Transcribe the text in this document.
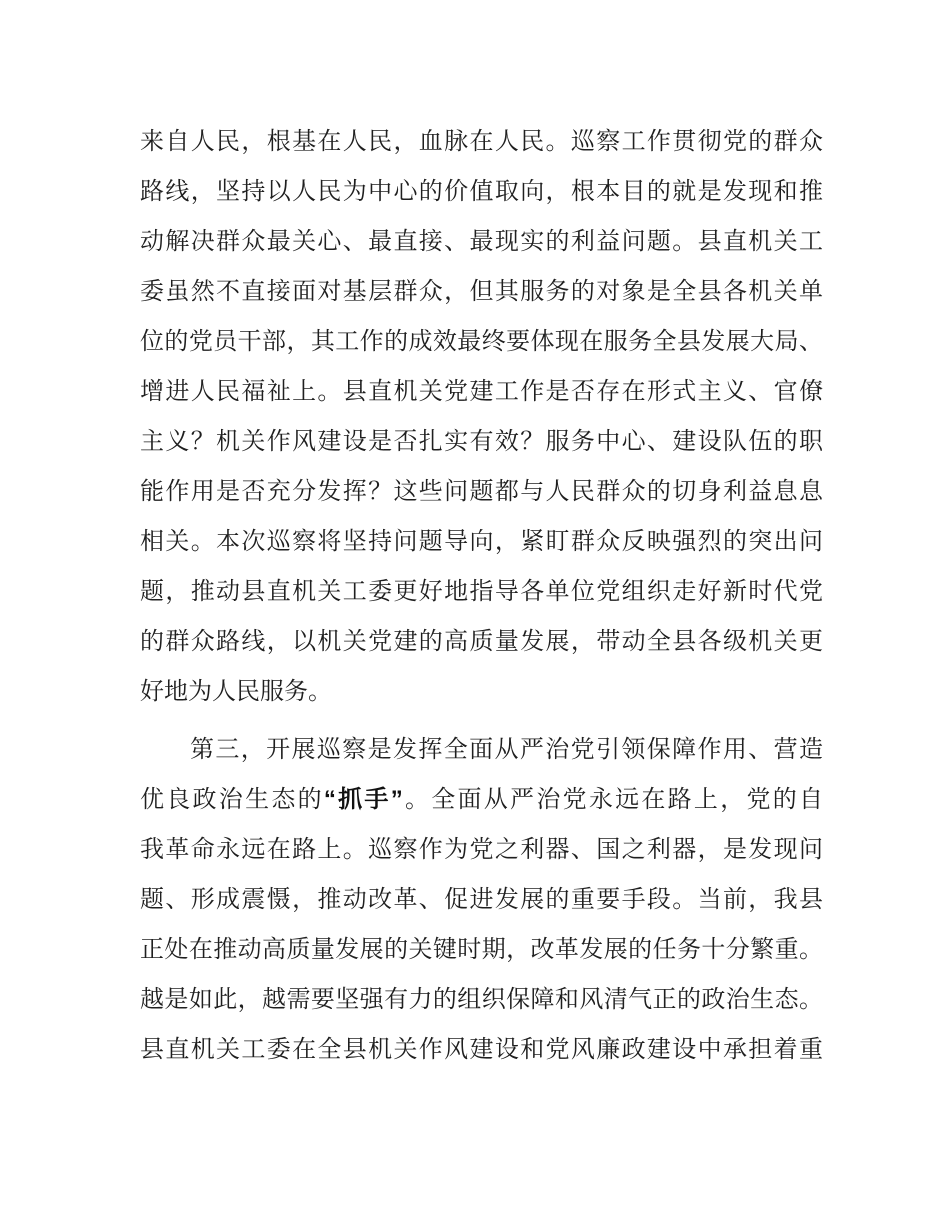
来自人民，根基在人民，血脉在人民。巡察工作贯彻党的群众
路线，坚持以人民为中心的价值取向，根本目的就是发现和推
动解决群众最关心、最直接、最现实的利益问题。县直机关工
委虽然不直接面对基层群众，但其服务的对象是全县各机关单
位的党员干部，其工作的成效最终要体现在服务全县发展大局、
增进人民福祉上。县直机关党建工作是否存在形式主义、官僚
主义？机关作风建设是否扎实有效？服务中心、建设队伍的职
能作用是否充分发挥？这些问题都与人民群众的切身利益息息
相关。本次巡察将坚持问题导向，紧盯群众反映强烈的突出问
题，推动县直机关工委更好地指导各单位党组织走好新时代党
的群众路线，以机关党建的高质量发展，带动全县各级机关更
好地为人民服务。
第三，开展巡察是发挥全面从严治党引领保障作用、营造
优良政治生态的“抓手”。全面从严治党永远在路上，党的自
我革命永远在路上。巡察作为党之利器、国之利器，是发现问
题、形成震慑，推动改革、促进发展的重要手段。当前，我县
正处在推动高质量发展的关键时期，改革发展的任务十分繁重。
越是如此，越需要坚强有力的组织保障和风清气正的政治生态。
县直机关工委在全县机关作风建设和党风廉政建设中承担着重
